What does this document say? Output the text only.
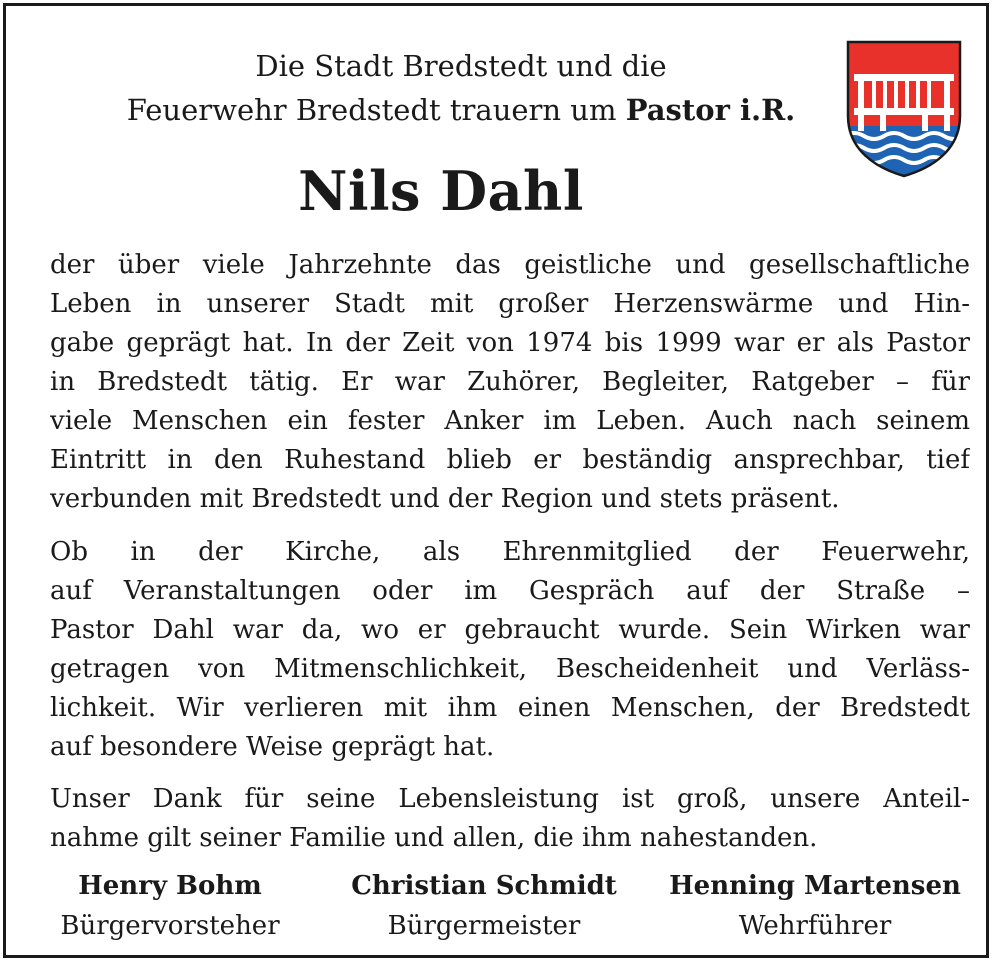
Die Stadt Bredstedt und die
Feuerwehr Bredstedt trauern um Pastor i.R.
Nils Dahl
der über viele Jahrzehnte das geistliche und gesellschaftliche
Leben in unserer Stadt mit großer Herzenswärme und Hin-
gabe geprägt hat. In der Zeit von 1974 bis 1999 war er als Pastor
in Bredstedt tätig. Er war Zuhörer, Begleiter, Ratgeber – für
viele Menschen ein fester Anker im Leben. Auch nach seinem
Eintritt in den Ruhestand blieb er beständig ansprechbar, tief
verbunden mit Bredstedt und der Region und stets präsent.
Ob in der Kirche, als Ehrenmitglied der Feuerwehr,
auf Veranstaltungen oder im Gespräch auf der Straße –
Pastor Dahl war da, wo er gebraucht wurde. Sein Wirken war
getragen von Mitmenschlichkeit, Bescheidenheit und Verläss-
lichkeit. Wir verlieren mit ihm einen Menschen, der Bredstedt
auf besondere Weise geprägt hat.
Unser Dank für seine Lebensleistung ist groß, unsere Anteil-
nahme gilt seiner Familie und allen, die ihm nahestanden.
Henry Bohm
Bürgervorsteher
Christian Schmidt
Bürgermeister
Henning Martensen
Wehrführer
